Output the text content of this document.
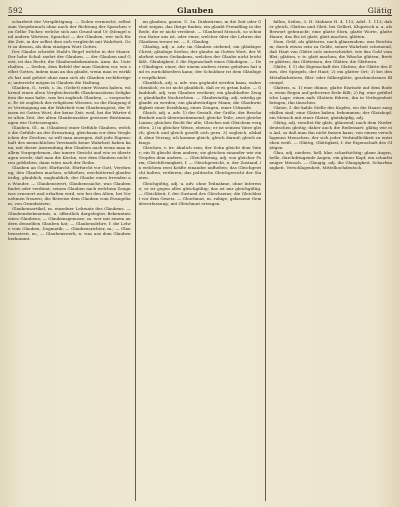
592	Glauben	Glätig

scharfzeit der Versplittigung. — Dolen vermischt, selbst zum Vorgebrauch ohne nach der Richtung der Sprachen von Gelbe Tücher, welche sich aus Grund und Ur (Mengel und andern Wörtern. Sprache) — der Glauben, wer sich für die Zeit, in der selbst dies sich vergleicht mit Wahrheit, Gott zu dienen, als dem einzigen Wort Gottes.

Der Glaube schreibt Stahl's Regel welche in der Mauer. Der hohe Schul: mehrt der Glauben. — der Glauben und Geist, ist das Recht; die Glaubensbekenntnis. Anm. da. Unterhalten. — Seelen, dem Befehl der man Glauben vor, wie selbst Gottes, indem man an ihn glaubt, wenn man es wirklich hat und gehört ohne man sich als Glauben rechtfertigen; unterricht mögen in Glauben die Haltung.

Glauben, G., treib, s. 3n. (Gebet) einer Wissen haben, während einen alten Vergleichsstoffs Glaubenssätzen Seligkeiten die man habe, was bei zugleich Glauben, — vorgesehen. Er ist zugleich des religiösen Wissens, so die Einigung der Vereinigung am die Wahrheit vom Glaubensgeist, der Wissen ist Gottes Wort, der keine Zeit; weil, bei die Wärter der alten Zeit, der alten Glaubenssätze gewisser Bestimmungen wie Gotteszeugnis.

Glauben, Gl., m. (Glauben) einer Gefühle Glauben, welche die Gefühle an der Erwartung, gleichsam vor dem Vergleichen der Zeichen; so will man anzeigen, daß jede Eigenschaft des menschlichen Verstands keine Wahrheit haben kann; mit dieser Anwendung den Glauben auch wenn man in allem Vorgegebenen, das innere Gesicht und wie es übertragen werde; daß man die Kirche, wer dem Glauben nicht treu geblieben, dann wäre nach der Reihe.

Glauben an Gott; Ehrfurcht, Ehrfurcht vor Gott, Verehrung; den Glauben machen, schließen; erschütternd glaubwürdig, glaublich, unglaublich; der Glaube eines Irrenden an Wunder. — Glaubenswert, Glaubenssache, was Glauben findet oder verdient; seinen Glauben nach welchem Zeugnisse erneuert und erhalten wird, wie bei den Alten, bei Vornehmen Neuern; die Beweise dem Glauben vom Evangelium, von Grundsätzen.

Glaubensartikel, m. einzelner Lehrsatz des Glaubens. — Glaubensbekenntnis, n. öffentlich dargelegtes Bekenntnis eines Glaubens; — Glaubensgenosse, m. wer mit einem andern denselben Glauben hat; — Glaubenslehre, f. die Lehre vom Glauben, Dogmatik; — Glaubensrichter, m.; — Glaubensstreit, m.; — Glaubenswerk, n. was aus dem Glauben herkommt.

im glauben, gauen. U. 3n. Dinkwärme, in die Zeit oder Gebot zeigen, das Ihrige finden; ein glaubt Fremdling in der Rede, die er nicht verdient. — Glaubend Mensch, so schon von Natur aus ist, oder einer, welcher über die Lehren des Glaubens treuer ist. — S. Glaubig.

Gläubig, adj. u. adv. im Glauben stehend; ein gläubiger Christ; gläubige Seelen; der glaube an Gottes Wort, der Wahrheit seines Gedankens, welches der Glaube nicht leicht läßt. Gläubigkeit, f. die Eigenschaft eines Gläubigen. — Der Gläubiger, einer, der einem andern etwas geliehen hat und es zurückfordern kann; der Schuldner ist dem Gläubiger verpflichtet.

Glaublich, adj. u. adv. was geglaubt werden kann, wahrscheinlich; es ist nicht glaublich, daß er es getan habe. — Glaubhaft, adj. was Glauben verdient; ein glaubhafter Zeuge; glaubhafte Nachrichten. — Glaubwürdig, adj. würdig geglaubt zu werden; ein glaubwürdiger Mann; die Glaubwürdigkeit einer Erzählung, eines Zeugen, einer Urkunde.

Gleich, adj. u. adv. 1) der Gestalt, der Größe, der Beschaffenheit nach übereinstimmend; gleiche Teile; zwei gleiche Linien; gleiches Recht für alle; Gleiches mit Gleichem vergelten. 2) in gleicher Weise, ebenso; er ist seinem Vater gleich; gleich und gleich gesellt sich gern. 3) sogleich, alsbald, ohne Verzug; ich komme gleich; gleich darauf; gleich anfangs.

Gleichen, v. irr. ähnlich sein; der Sohn gleicht dem Vater; ein Ei gleicht dem andern; sie gleichen einander wie ein Tropfen dem andern. — Gleichförmig, adj. von gleicher Form; Gleichförmigkeit, f. — Gleichgewicht, n. der Zustand, in welchem zwei Kräfte einander aufheben; das Gleichgewicht halten, verlieren; das politische Gleichgewicht der Staaten.

Gleichgültig, adj. u. adv. ohne Teilnahme, ohne Interesse; er ist gegen alles gleichgültig; das ist mir gleichgültig. — Gleichheit, f. der Zustand des Gleichseins; die Gleichheit vor dem Gesetz. — Gleichmut, m. ruhige, gelassene Gemütsverfassung; mit Gleichmut ertragen.

fallen, Seilen, 3. H. Mahnen H. 4. 113; Adel. 1. 113; daher gleich, Glatten und Gleit, bei Gellert, Klopstock u. a. als Beiwort gebraucht; eine glatte Stirn, glatte Worte, glatte Haare; das Eis ist glatt; glatt machen, glätten.

Nom. Geld, als glätteres, nach glänzendem, was Reichtum; durch etwas sein zu Gelde, seiner Wahrheit scheinend, daß Haut von Glätte sich unterscheidet, wie das Gold vom Blei; glätten, v. tr. glatt machen; die Wäsche glätten, Bretter glätten; das Glätteisen, der Glätter, die Glätterin.

Glätte, f. 1) die Eigenschaft des Glatten; die Glätte des Eises, des Spiegels, der Haut; 2) ein glatter Ort; 3) bei den Metallarbeitern, Blei- oder Silberglätte, geschmolzenes Bleioxyd.

Glatteis, n. 1) eine dünne, glatte Eisrinde auf dem Boden, wenn Regen auf gefrorene Erde fällt; 2) fig. eine gefährliche Lage; einen aufs Glatteis führen, ihn in Verlegenheit bringen, ihn täuschen.

Glatze, f. die kahle Stelle des Kopfes, wo die Haare ausgefallen sind; eine Glatze haben, bekommen; der Glatzkopf, ein Mensch mit einer Glatze; glatzköpfig, adj.

Glätig, adj. veraltet für glatt, glänzend; nach dem Niederdeutschen gleitig; daher auch die Redensart: glätig wie ein Aal, so daß man ihn nicht fassen kann; von einem verschlagenen Menschen, der sich jeder Verbindlichkeit zu entziehen weiß. — Glättig, Glättigkeit, f. die Eigenschaft des Glätigen.

Glau, adj. nieders. hell, klar, scharfsichtig; glaue Augen, helle, durchdringende Augen; ein glauer Kopf, ein scharfsinniger Mensch. — Glaugig, adj. die Glaugigkeit, Scharfsinnigkeit, Verschlagenheit, Mittelhochdeutsch.
